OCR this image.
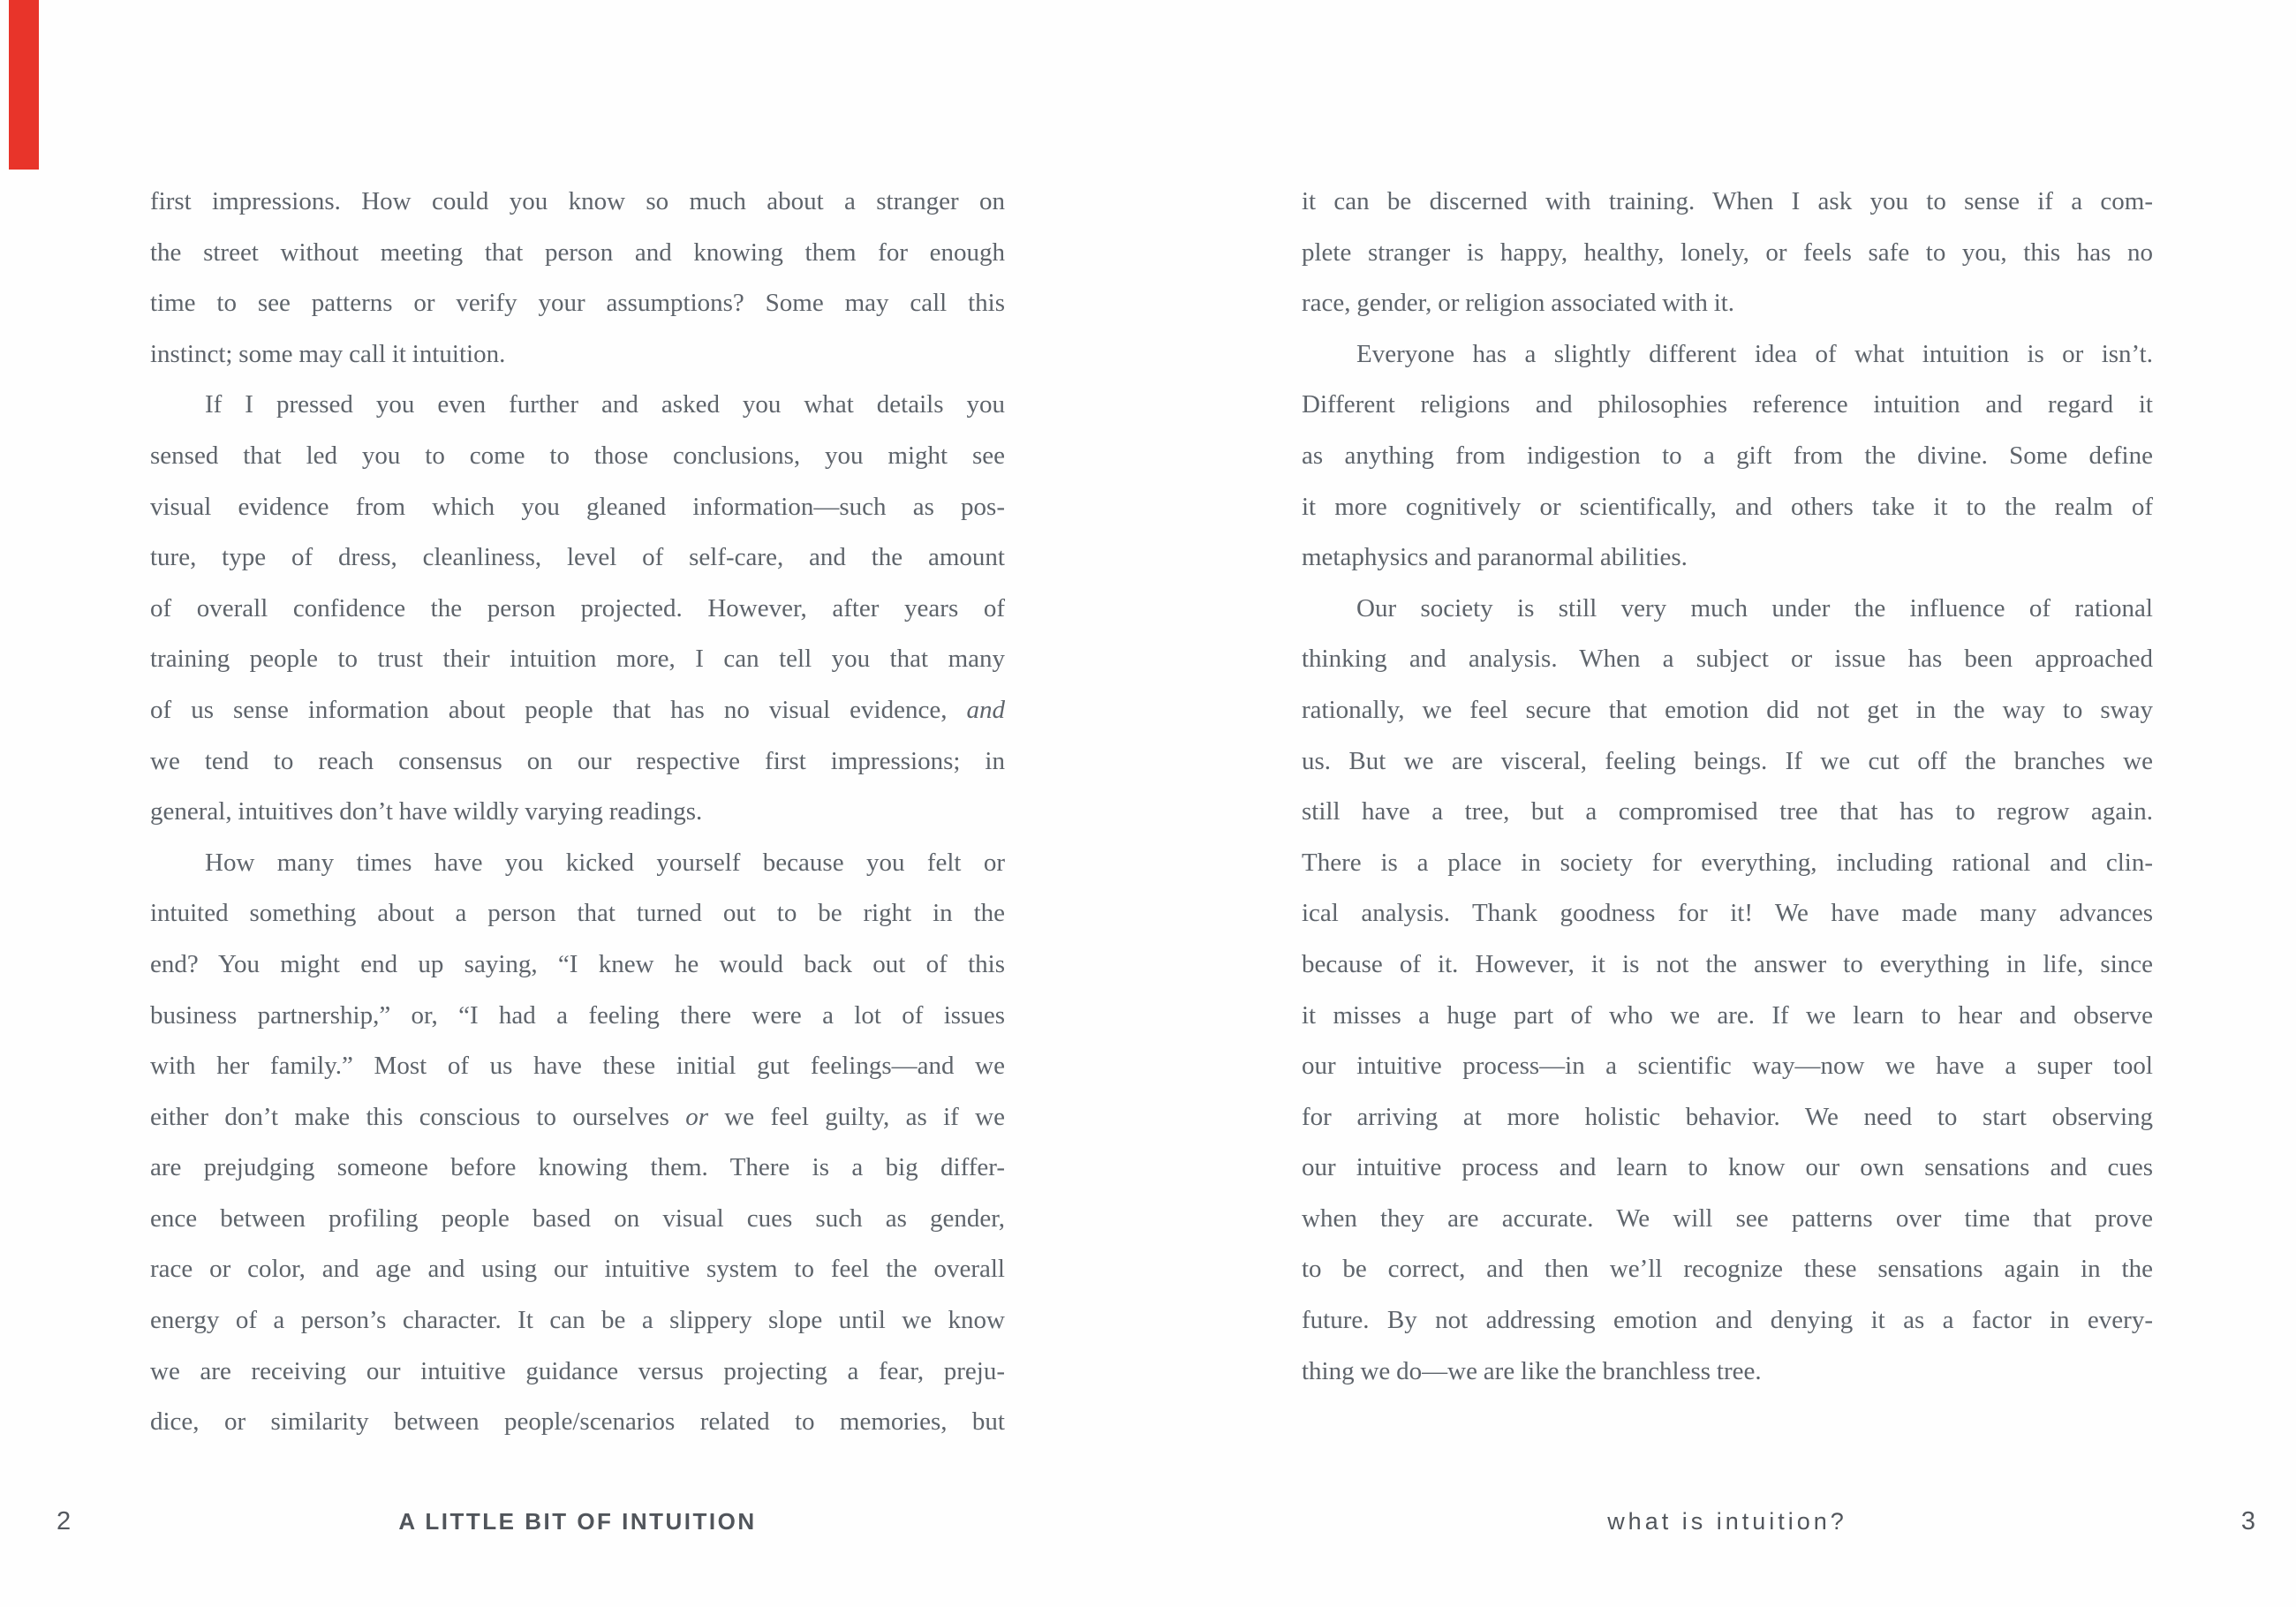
first impressions. How could you know so much about a stranger on
the street without meeting that person and knowing them for enough
time to see patterns or verify your assumptions? Some may call this
instinct; some may call it intuition.
If I pressed you even further and asked you what details you
sensed that led you to come to those conclusions, you might see
visual evidence from which you gleaned information—such as pos-
ture, type of dress, cleanliness, level of self-care, and the amount
of overall confidence the person projected. However, after years of
training people to trust their intuition more, I can tell you that many
of us sense information about people that has no visual evidence, and
we tend to reach consensus on our respective first impressions; in
general, intuitives don’t have wildly varying readings.
How many times have you kicked yourself because you felt or
intuited something about a person that turned out to be right in the
end? You might end up saying, “I knew he would back out of this
business partnership,” or, “I had a feeling there were a lot of issues
with her family.” Most of us have these initial gut feelings—and we
either don’t make this conscious to ourselves or we feel guilty, as if we
are prejudging someone before knowing them. There is a big differ-
ence between profiling people based on visual cues such as gender,
race or color, and age and using our intuitive system to feel the overall
energy of a person’s character. It can be a slippery slope until we know
we are receiving our intuitive guidance versus projecting a fear, preju-
dice, or similarity between people/scenarios related to memories, but
it can be discerned with training. When I ask you to sense if a com-
plete stranger is happy, healthy, lonely, or feels safe to you, this has no
race, gender, or religion associated with it.
Everyone has a slightly different idea of what intuition is or isn’t.
Different religions and philosophies reference intuition and regard it
as anything from indigestion to a gift from the divine. Some define
it more cognitively or scientifically, and others take it to the realm of
metaphysics and paranormal abilities.
Our society is still very much under the influence of rational
thinking and analysis. When a subject or issue has been approached
rationally, we feel secure that emotion did not get in the way to sway
us. But we are visceral, feeling beings. If we cut off the branches we
still have a tree, but a compromised tree that has to regrow again.
There is a place in society for everything, including rational and clin-
ical analysis. Thank goodness for it! We have made many advances
because of it. However, it is not the answer to everything in life, since
it misses a huge part of who we are. If we learn to hear and observe
our intuitive process—in a scientific way—now we have a super tool
for arriving at more holistic behavior. We need to start observing
our intuitive process and learn to know our own sensations and cues
when they are accurate. We will see patterns over time that prove
to be correct, and then we’ll recognize these sensations again in the
future. By not addressing emotion and denying it as a factor in every-
thing we do—we are like the branchless tree.
2	A LITTLE BIT OF INTUITION	what is intuition?	3
